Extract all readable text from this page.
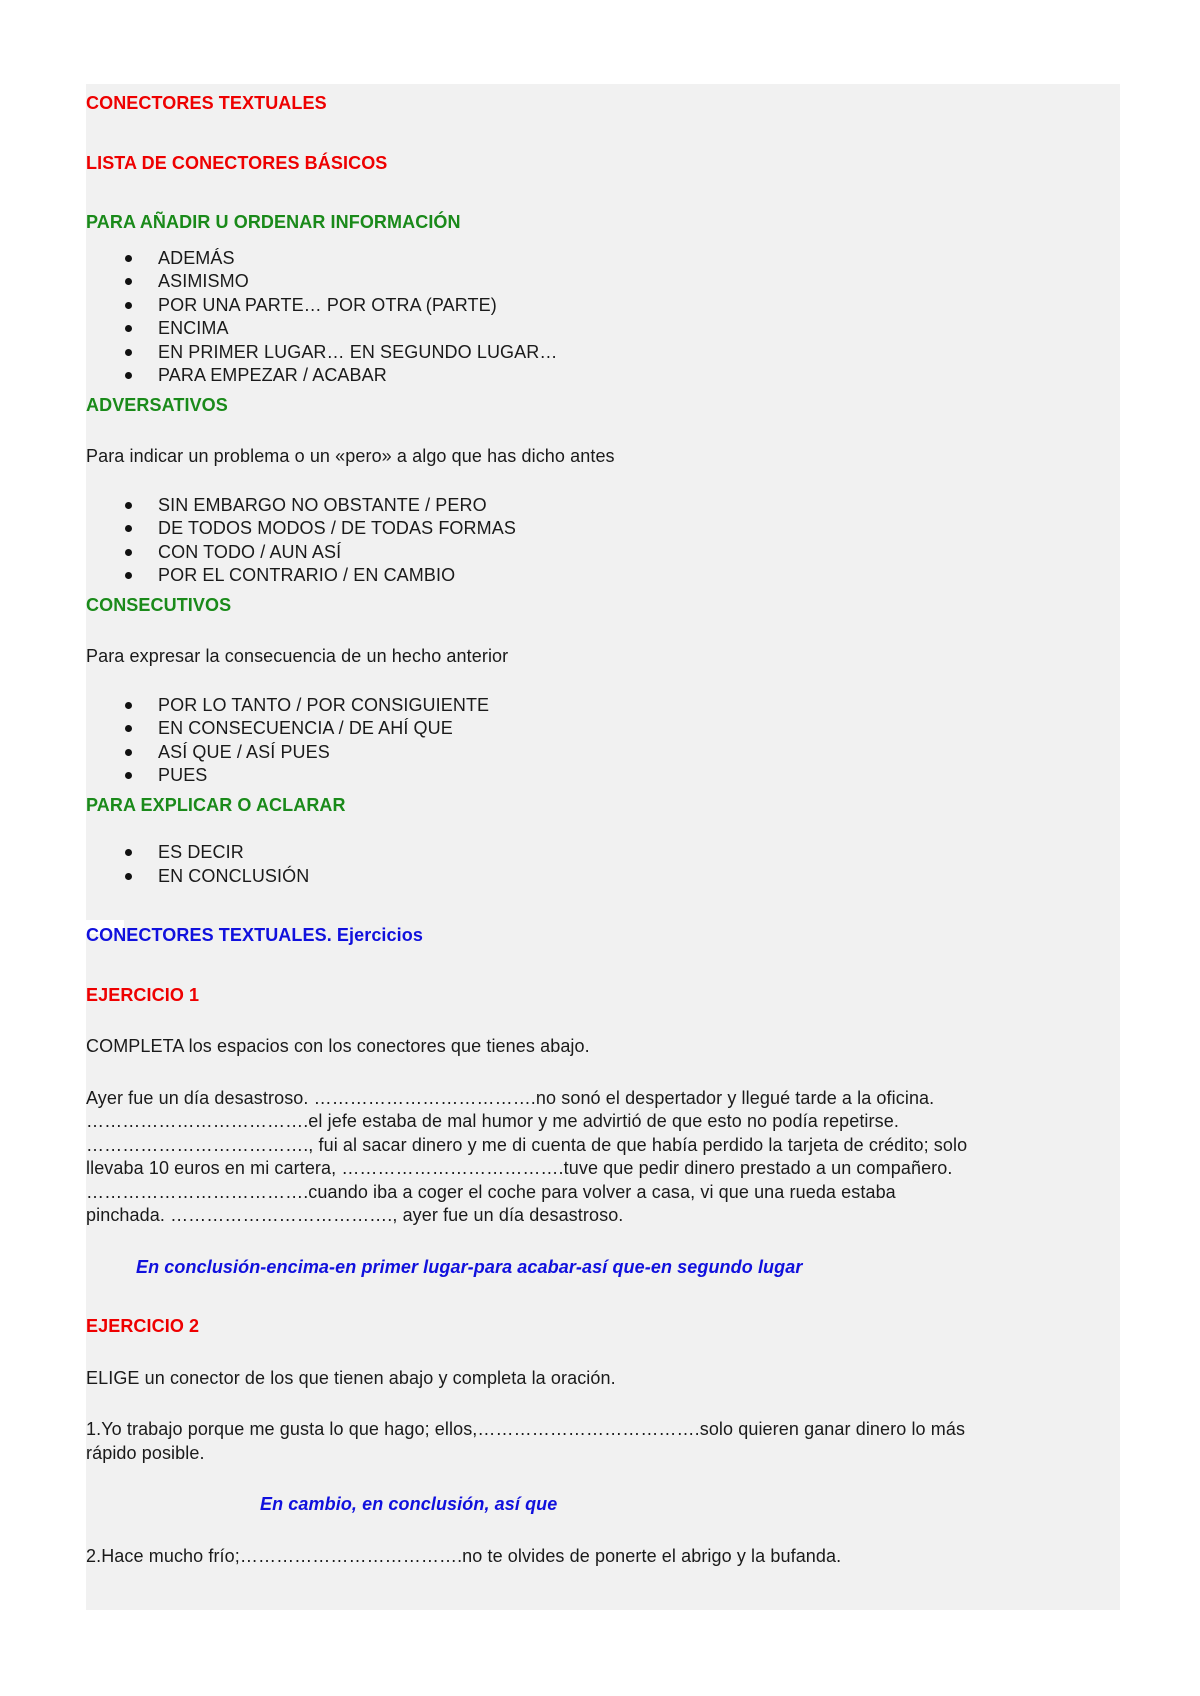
CONECTORES TEXTUALES

LISTA DE CONECTORES BÁSICOS

PARA AÑADIR U ORDENAR INFORMACIÓN

ADEMÁS
ASIMISMO
POR UNA PARTE… POR OTRA (PARTE)
ENCIMA
EN PRIMER LUGAR… EN SEGUNDO LUGAR…
PARA EMPEZAR / ACABAR

ADVERSATIVOS

Para indicar un problema o un «pero» a algo que has dicho antes

SIN EMBARGO NO OBSTANTE / PERO
DE TODOS MODOS / DE TODAS FORMAS
CON TODO / AUN ASÍ
POR EL CONTRARIO / EN CAMBIO

CONSECUTIVOS

Para expresar la consecuencia de un hecho anterior

POR LO TANTO / POR CONSIGUIENTE
EN CONSECUENCIA / DE AHÍ QUE
ASÍ QUE / ASÍ PUES
PUES

PARA EXPLICAR O ACLARAR

ES DECIR
EN CONCLUSIÓN

CONECTORES TEXTUALES. Ejercicios

EJERCICIO 1

COMPLETA los espacios con los conectores que tienes abajo.

Ayer fue un día desastroso. ……………………………….no sonó el despertador y llegué tarde a la oficina.

……………………………….el jefe estaba de mal humor y me advirtió de que esto no podía repetirse.

………………………………., fui al sacar dinero y me di cuenta de que había perdido la tarjeta de crédito; solo

llevaba 10 euros en mi cartera, ……………………………….tuve que pedir dinero prestado a un compañero.

……………………………….cuando iba a coger el coche para volver a casa, vi que una rueda estaba

pinchada. ………………………………., ayer fue un día desastroso.

En conclusión-encima-en primer lugar-para acabar-así que-en segundo lugar

EJERCICIO 2

ELIGE un conector de los que tienen abajo y completa la oración.

1.Yo trabajo porque me gusta lo que hago; ellos,……………………………….solo quieren ganar dinero lo más

rápido posible.

En cambio, en conclusión, así que

2.Hace mucho frío;……………………………….no te olvides de ponerte el abrigo y la bufanda.
